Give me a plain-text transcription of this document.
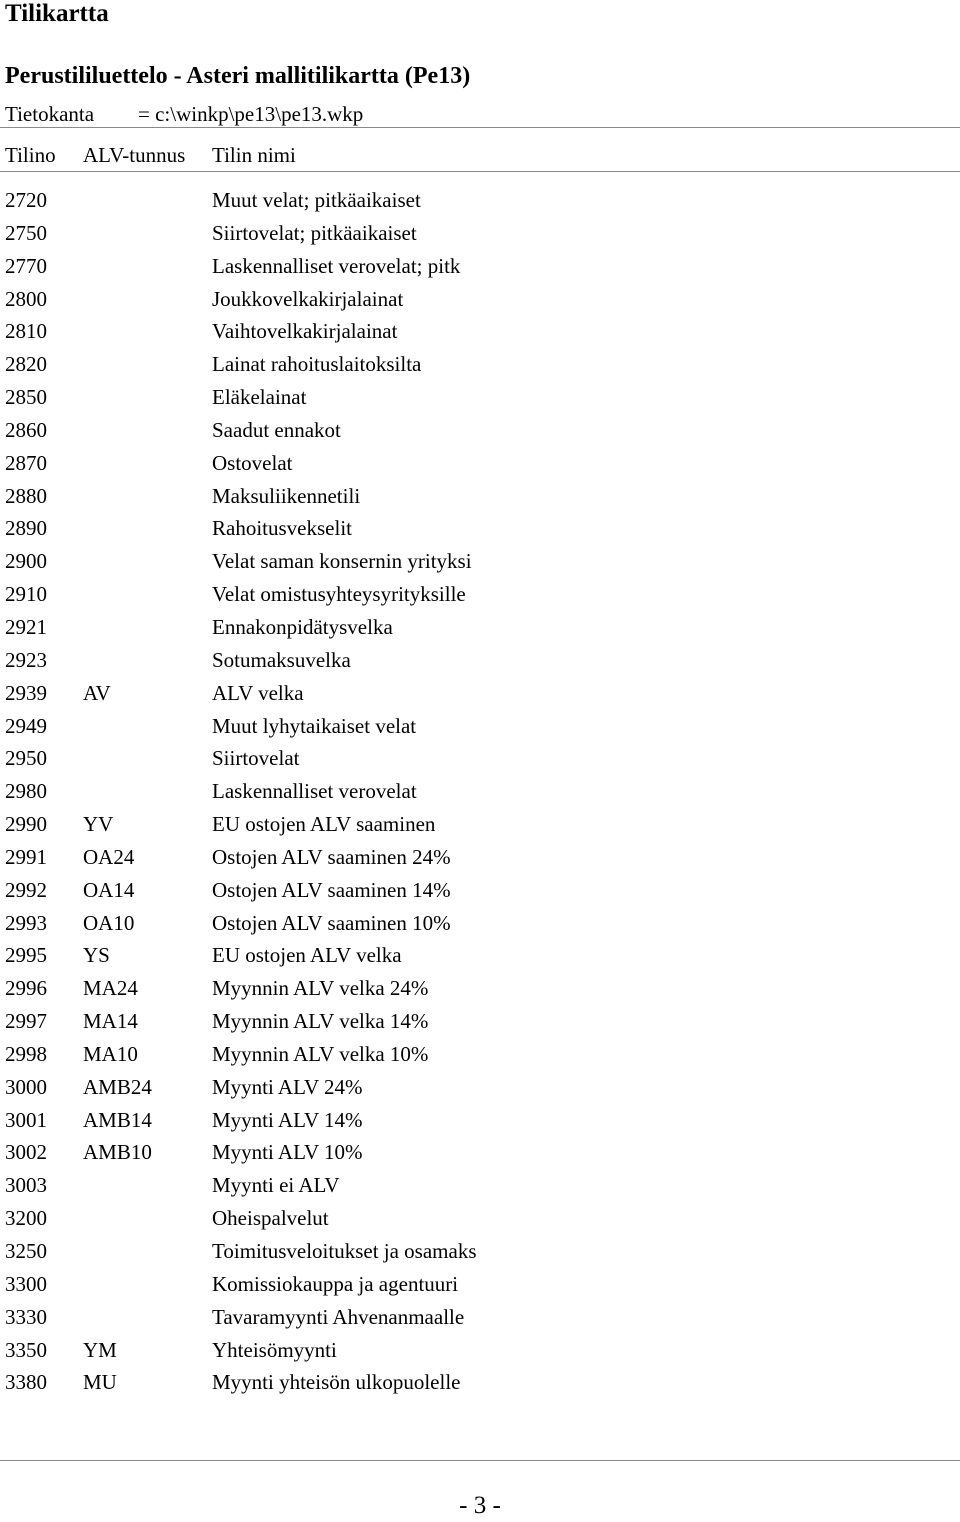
Tilikartta
Perustililuettelo - Asteri mallitilikartta (Pe13)
Tietokanta = c:\winkp\pe13\pe13.wkp
Tilino ALV-tunnus Tilin nimi
2720	Muut velat; pitkäaikaiset
2750	Siirtovelat; pitkäaikaiset
2770	Laskennalliset verovelat; pitk
2800	Joukkovelkakirjalainat
2810	Vaihtovelkakirjalainat
2820	Lainat rahoituslaitoksilta
2850	Eläkelainat
2860	Saadut ennakot
2870	Ostovelat
2880	Maksuliikennetili
2890	Rahoitusvekselit
2900	Velat saman konsernin yrityksi
2910	Velat omistusyhteysyrityksille
2921	Ennakonpidätysvelka
2923	Sotumaksuvelka
2939 AV	ALV velka
2949	Muut lyhytaikaiset velat
2950	Siirtovelat
2980	Laskennalliset verovelat
2990 YV	EU ostojen ALV saaminen
2991 OA24	Ostojen ALV saaminen 24%
2992 OA14	Ostojen ALV saaminen 14%
2993 OA10	Ostojen ALV saaminen 10%
2995 YS	EU ostojen ALV velka
2996 MA24	Myynnin ALV velka 24%
2997 MA14	Myynnin ALV velka 14%
2998 MA10	Myynnin ALV velka 10%
3000 AMB24	Myynti ALV 24%
3001 AMB14	Myynti ALV 14%
3002 AMB10	Myynti ALV 10%
3003	Myynti ei ALV
3200	Oheispalvelut
3250	Toimitusveloitukset ja osamaks
3300	Komissiokauppa ja agentuuri
3330	Tavaramyynti Ahvenanmaalle
3350 YM	Yhteisömyynti
3380 MU	Myynti yhteisön ulkopuolelle
- 3 -
